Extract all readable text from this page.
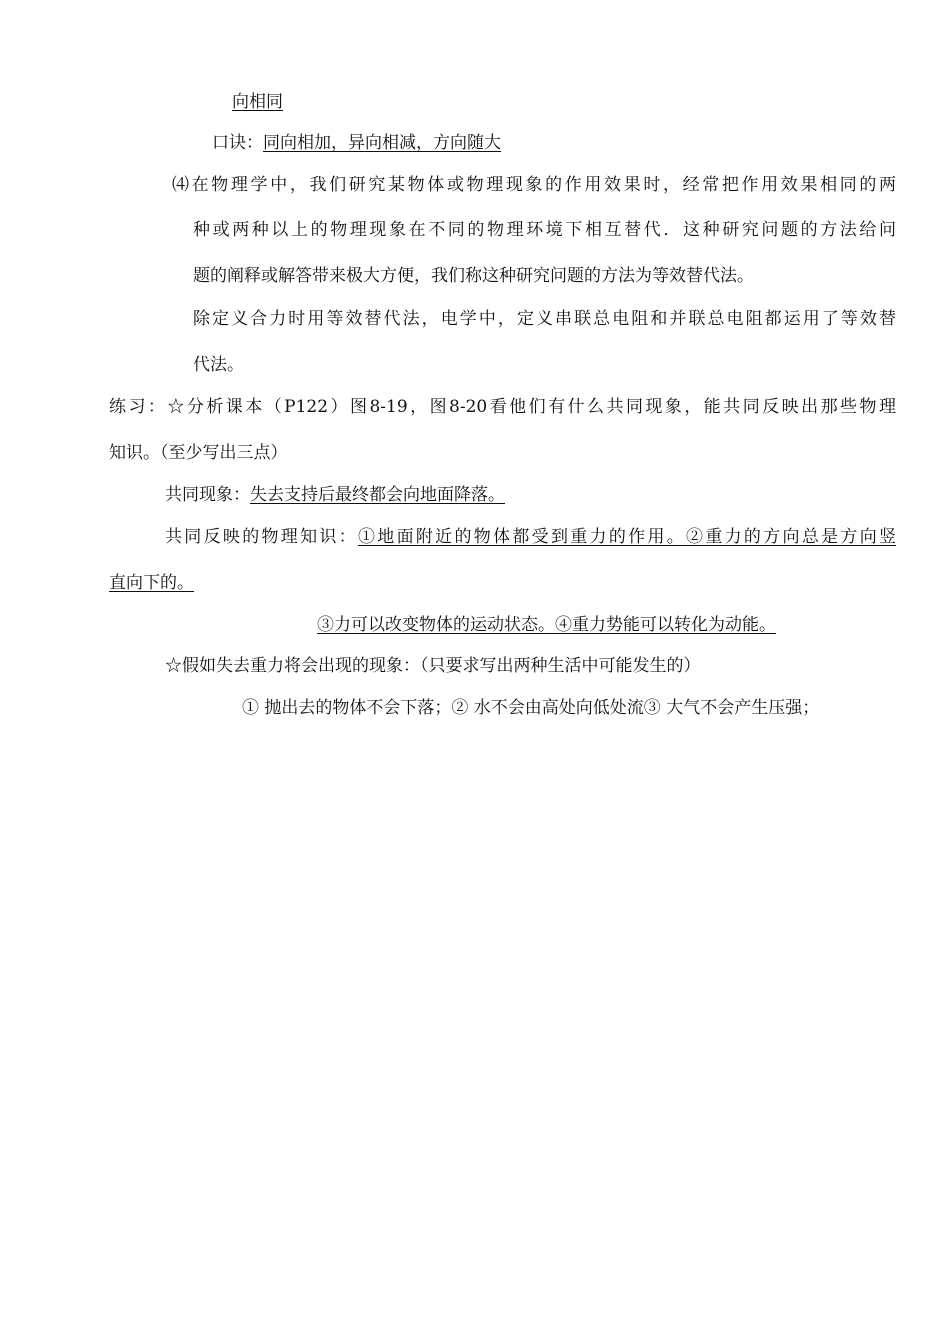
向相同
口诀：同向相加，异向相减，方向随大
⑷在物理学中，我们研究某物体或物理现象的作用效果时，经常把作用效果相同的两
种或两种以上的物理现象在不同的物理环境下相互替代．这种研究问题的方法给问
题的阐释或解答带来极大方便，我们称这种研究问题的方法为等效替代法。
除定义合力时用等效替代法，电学中，定义串联总电阻和并联总电阻都运用了等效替
代法。
练习：☆分析课本（P122）图8-19，图8-20看他们有什么共同现象，能共同反映出那些物理
知识。（至少写出三点）
共同现象：失去支持后最终都会向地面降落。
共同反映的物理知识：①地面附近的物体都受到重力的作用。②重力的方向总是方向竖
直向下的。
③力可以改变物体的运动状态。④重力势能可以转化为动能。
☆假如失去重力将会出现的现象：（只要求写出两种生活中可能发生的）
① 抛出去的物体不会下落；② 水不会由高处向低处流③ 大气不会产生压强；
